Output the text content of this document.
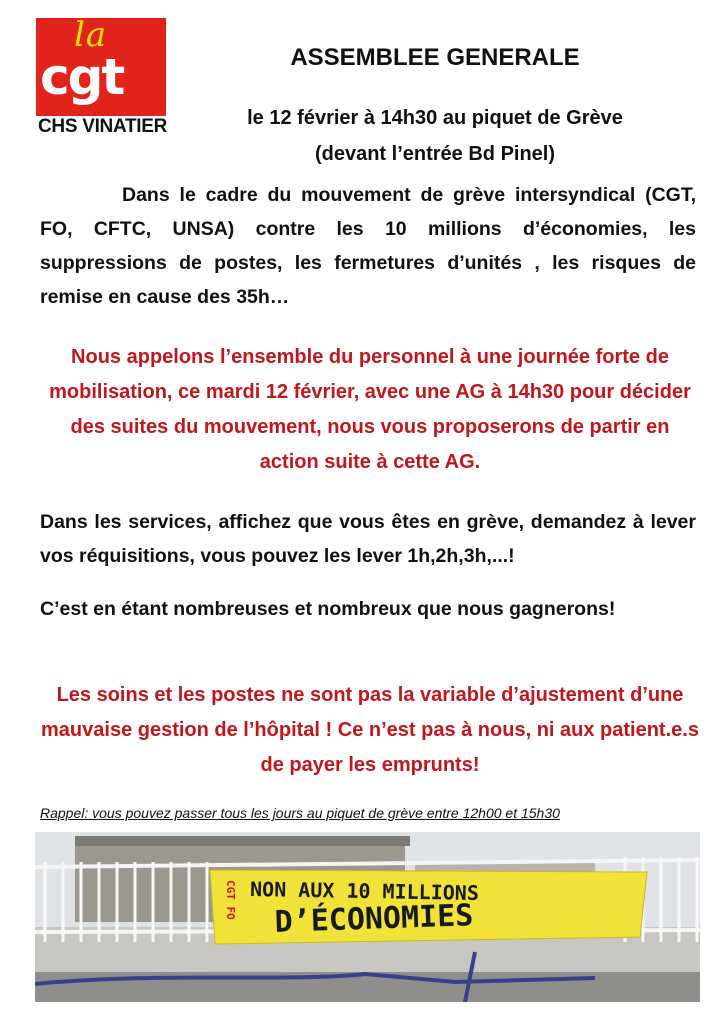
la
cgt
CHS VINATIER
ASSEMBLEE GENERALE
le 12 février à 14h30 au piquet de Grève
(devant l’entrée Bd Pinel)
Dans le cadre du mouvement de grève intersyndical (CGT, FO, CFTC, UNSA) contre les 10 millions d’économies, les suppressions de postes, les fermetures d’unités , les risques de remise en cause des 35h…
Nous appelons l’ensemble du personnel à une journée forte de mobilisation, ce mardi 12 février, avec une AG à 14h30 pour décider des suites du mouvement, nous vous proposerons de partir en action suite à cette AG.
Dans les services, affichez que vous êtes en grève, demandez à lever vos réquisitions, vous pouvez les lever 1h,2h,3h,...!
C’est en étant nombreuses et nombreux que nous gagnerons!
Les soins et les postes ne sont pas la variable d’ajustement d’une mauvaise gestion de l’hôpital ! Ce n’est pas à nous, ni aux patient.e.s de payer les emprunts!
Rappel: vous pouvez passer tous les jours au piquet de grève entre 12h00 et 15h30
NON AUX 10 MILLIONS
D’ÉCONOMIES
CGT FO
